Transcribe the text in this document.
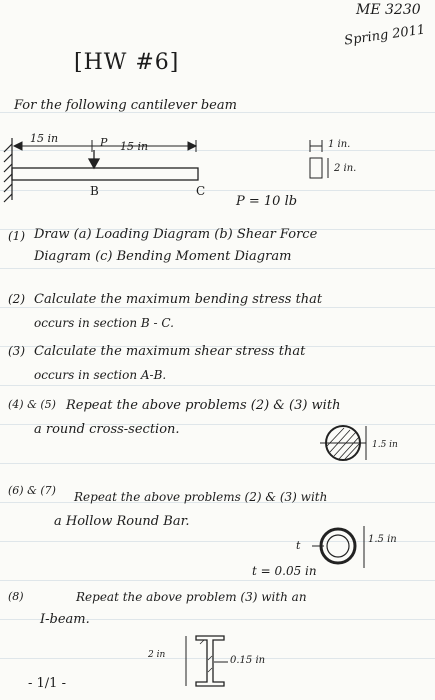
ME 3230
Spring 2011
[HW #6]
For the following cantilever beam
15 in
15 in
P
B	C
1 in.
2 in.
P = 10 lb
(1) Draw (a) Loading Diagram (b) Shear Force
Diagram (c) Bending Moment Diagram
(2) Calculate the maximum bending stress that
occurs in section B - C.
(3) Calculate the maximum shear stress that
occurs in section A-B.
(4) & (5) Repeat the above problems (2) & (3) with
a round cross-section.
1.5 in
(6) & (7) Repeat the above problems (2) & (3) with
a Hollow Round Bar.
1.5 in
t
t = 0.05 in
(8)	Repeat the above problem (3) with an
I-beam.
2 in	0.15 in
- 1/1 -
